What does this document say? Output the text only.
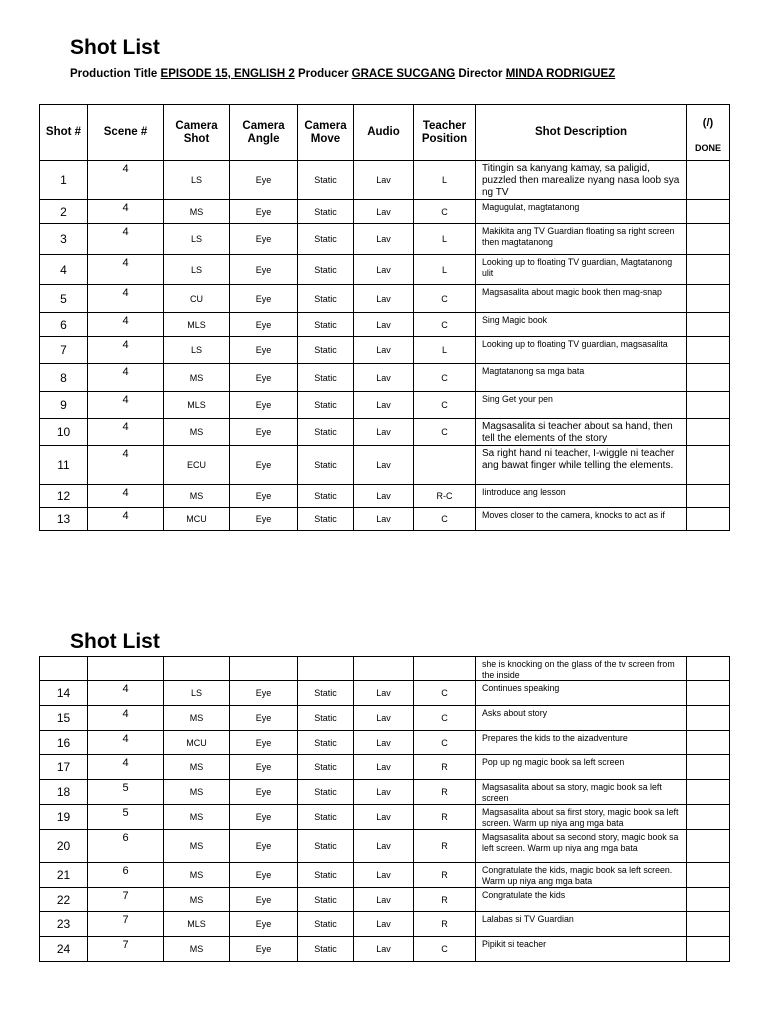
Shot List
Production Title EPISODE 15, ENGLISH 2 Producer GRACE SUCGANG Director MINDA RODRIGUEZ
Shot #	Scene #	Camera Shot	Camera Angle	Camera Move	Audio	Teacher Position	Shot Description	(/)
DONE

1	4	LS	Eye	Static	Lav	L	Titingin sa kanyang kamay, sa paligid, puzzled then marealize nyang nasa loob sya ng TV	
2	4	MS	Eye	Static	Lav	C	Magugulat, magtatanong	
3	4	LS	Eye	Static	Lav	L	Makikita ang TV Guardian floating sa right screen then magtatanong	
4	4	LS	Eye	Static	Lav	L	Looking up to floating TV guardian, Magtatanong ulit	
5	4	CU	Eye	Static	Lav	C	Magsasalita about magic book then mag-snap	
6	4	MLS	Eye	Static	Lav	C	Sing Magic book	
7	4	LS	Eye	Static	Lav	L	Looking up to floating TV guardian, magsasalita	
8	4	MS	Eye	Static	Lav	C	Magtatanong sa mga bata	
9	4	MLS	Eye	Static	Lav	C	Sing Get your pen	
10	4	MS	Eye	Static	Lav	C	Magsasalita si teacher about sa hand, then tell the elements of the story	
11	4	ECU	Eye	Static	Lav		Sa right hand ni teacher, I-wiggle ni teacher ang bawat finger while telling the elements.	
12	4	MS	Eye	Static	Lav	R-C	Iintroduce ang lesson	
13	4	MCU	Eye	Static	Lav	C	Moves closer to the camera, knocks to act as if	
Shot List
							she is knocking on the glass of the tv screen from the inside	
14	4	LS	Eye	Static	Lav	C	Continues speaking	
15	4	MS	Eye	Static	Lav	C	Asks about story	
16	4	MCU	Eye	Static	Lav	C	Prepares the kids to the aizadventure	
17	4	MS	Eye	Static	Lav	R	Pop up ng magic book sa left screen	
18	5	MS	Eye	Static	Lav	R	Magsasalita about sa story, magic book sa left screen	
19	5	MS	Eye	Static	Lav	R	Magsasalita about sa first story, magic book sa left screen. Warm up niya ang mga bata	
20	6	MS	Eye	Static	Lav	R	Magsasalita about sa second story, magic book sa left screen. Warm up niya ang mga bata	
21	6	MS	Eye	Static	Lav	R	Congratulate the kids, magic book sa left screen. Warm up niya ang mga bata	
22	7	MS	Eye	Static	Lav	R	Congratulate the kids	
23	7	MLS	Eye	Static	Lav	R	Lalabas si TV Guardian	
24	7	MS	Eye	Static	Lav	C	Pipikit si teacher	
